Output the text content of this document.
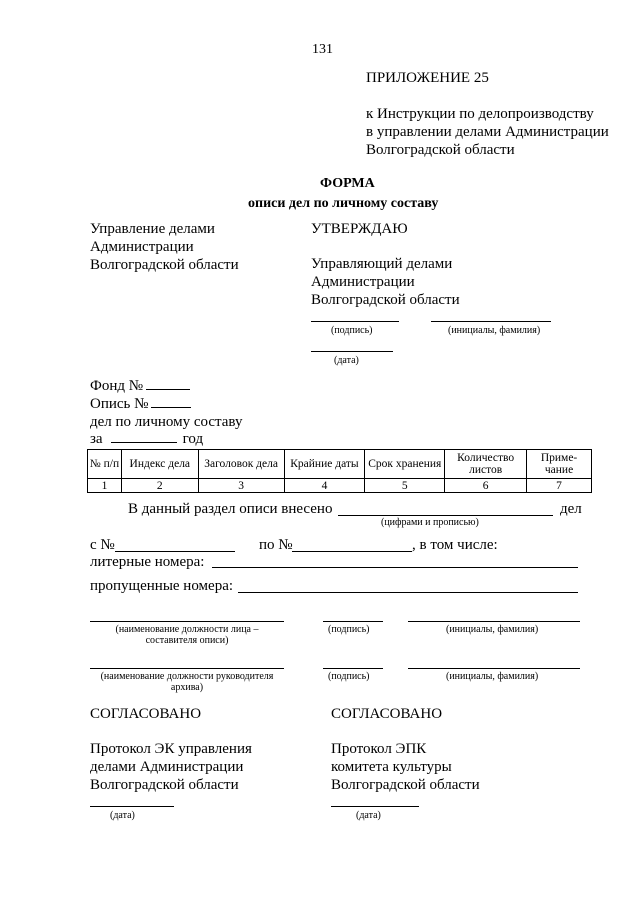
131
ПРИЛОЖЕНИЕ 25
к Инструкции по делопроизводству
в управлении делами Администрации
Волгоградской области
ФОРМА
описи дел по личному составу
Управление делами
Администрации
Волгоградской области
УТВЕРЖДАЮ
Управляющий делами
Администрации
Волгоградской области
(подпись)	(инициалы, фамилия)
(дата)
Фонд №
Опись №
дел по личному составу
за	год
№ п/п	Индекс дела	Заголовок дела	Крайние даты	Срок хранения	Количество листов	Приме- чание
1	2	3	4	5	6	7
В данный раздел описи внесено	дел
(цифрами и прописью)
с №	по №	, в том числе:
литерные номера:
пропущенные номера:
(наименование должности лица –
составителя описи)
(подпись)	(инициалы, фамилия)
(наименование должности руководителя
архива)
(подпись)	(инициалы, фамилия)
СОГЛАСОВАНО
Протокол ЭК управления
делами Администрации
Волгоградской области
(дата)
СОГЛАСОВАНО
Протокол ЭПК
комитета культуры
Волгоградской области
(дата)
